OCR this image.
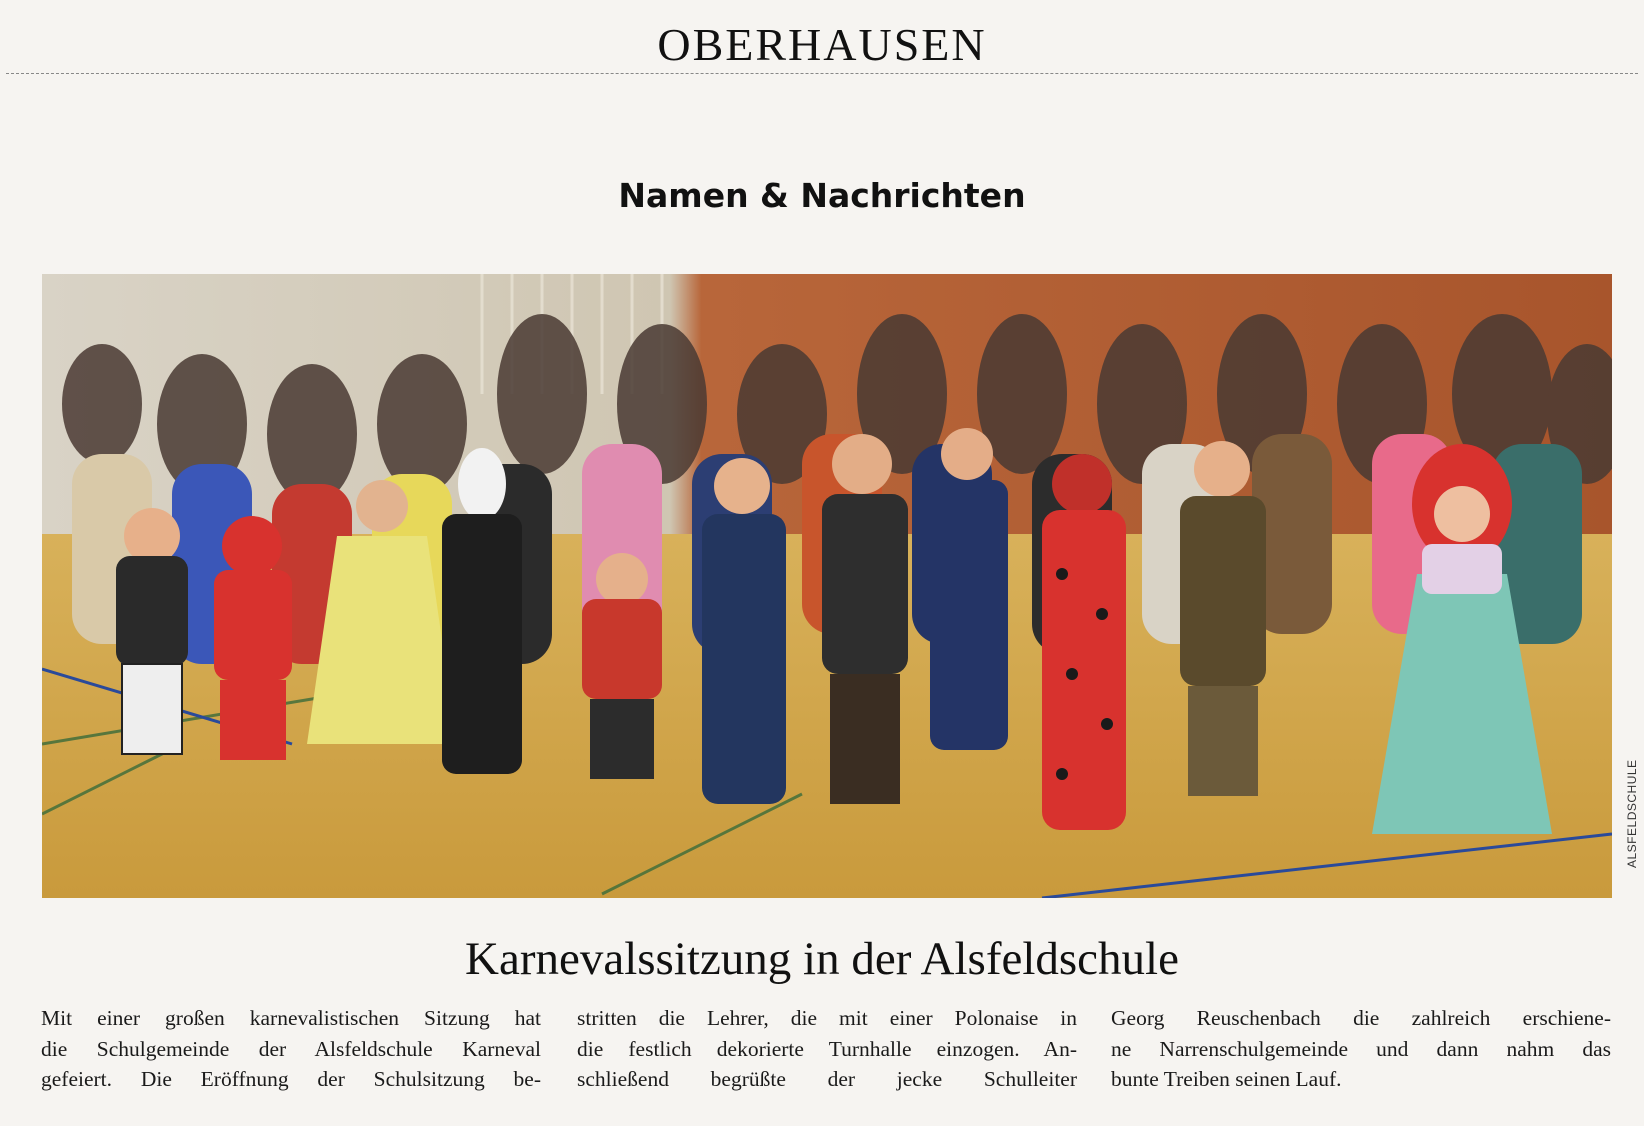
OBERHAUSEN
Namen & Nachrichten
ALSFELDSCHULE
Karnevalssitzung in der Alsfeldschule
Mit einer großen karnevalistischen Sitzung hat
die Schulgemeinde der Alsfeldschule Karneval
gefeiert. Die Eröffnung der Schulsitzung be-
stritten die Lehrer, die mit einer Polonaise in
die festlich dekorierte Turnhalle einzogen. An-
schließend begrüßte der jecke Schulleiter
Georg Reuschenbach die zahlreich erschiene-
ne Narrenschulgemeinde und dann nahm das
bunte Treiben seinen Lauf.
